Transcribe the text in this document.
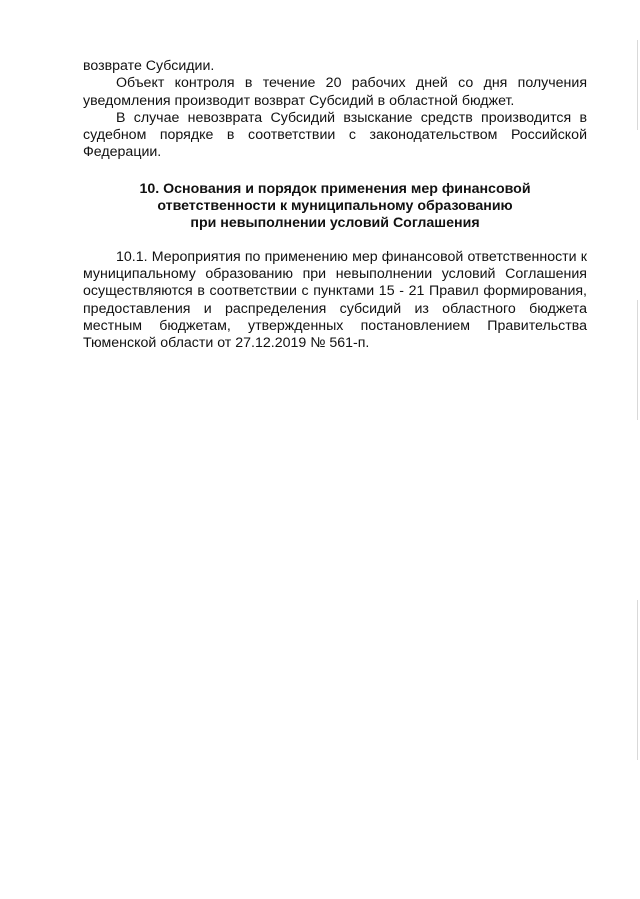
возврате Субсидии.

Объект контроля в течение 20 рабочих дней со дня получения уведомления производит возврат Субсидий в областной бюджет.

В случае невозврата Субсидий взыскание средств производится в судебном порядке в соответствии с законодательством Российской Федерации.

10. Основания и порядок применения мер финансовой
ответственности к муниципальному образованию
при невыполнении условий Соглашения

10.1. Мероприятия по применению мер финансовой ответственности к муниципальному образованию при невыполнении условий Соглашения осуществляются в соответствии с пунктами 15 - 21 Правил формирования, предоставления и распределения субсидий из областного бюджета местным бюджетам, утвержденных постановлением Правительства Тюменской области от 27.12.2019 № 561-п.
